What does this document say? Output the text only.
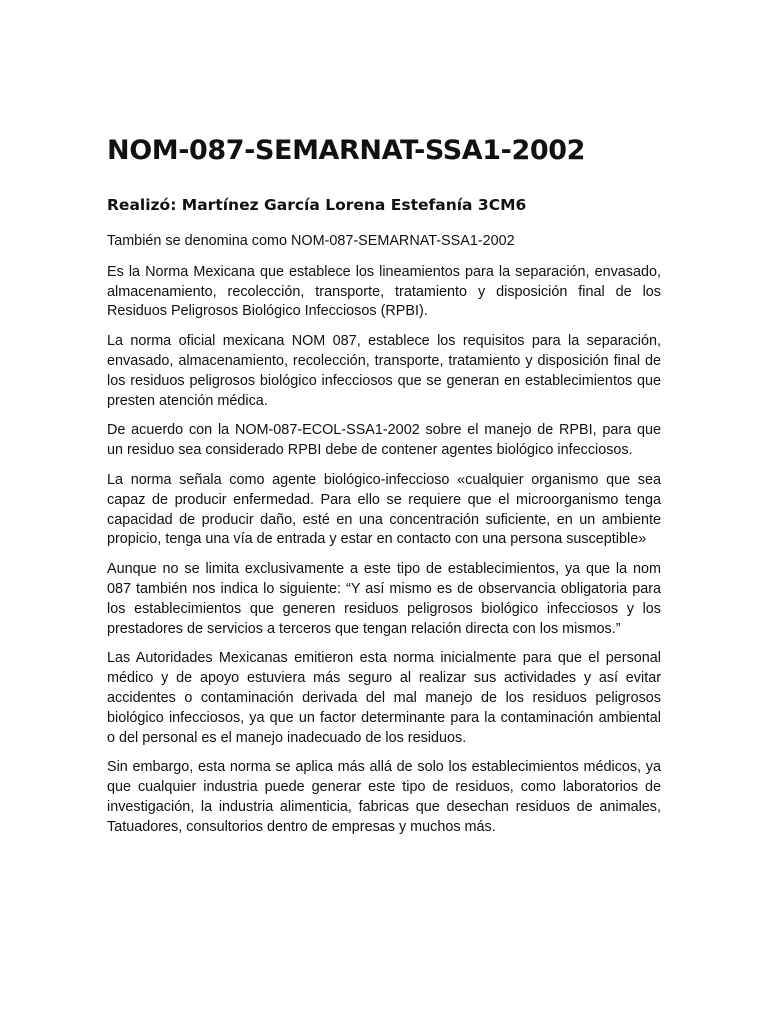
NOM-087-SEMARNAT-SSA1-2002
Realizó: Martínez García Lorena Estefanía 3CM6

También se denomina como NOM-087-SEMARNAT-SSA1-2002

Es la Norma Mexicana que establece los lineamientos para la separación, envasado, almacenamiento, recolección, transporte, tratamiento y disposición final de los Residuos Peligrosos Biológico Infecciosos (RPBI).

La norma oficial mexicana NOM 087, establece los requisitos para la separación, envasado, almacenamiento, recolección, transporte, tratamiento y disposición final de los residuos peligrosos biológico infecciosos que se generan en establecimientos que presten atención médica.

De acuerdo con la NOM-087-ECOL-SSA1-2002 sobre el manejo de RPBI, para que un residuo sea considerado RPBI debe de contener agentes biológico infecciosos.

La norma señala como agente biológico-infeccioso «cualquier organismo que sea capaz de producir enfermedad. Para ello se requiere que el microorganismo tenga capacidad de producir daño, esté en una concentración suficiente, en un ambiente propicio, tenga una vía de entrada y estar en contacto con una persona susceptible»

Aunque no se limita exclusivamente a este tipo de establecimientos, ya que la nom 087 también nos indica lo siguiente: “Y así mismo es de observancia obligatoria para los establecimientos que generen residuos peligrosos biológico infecciosos y los prestadores de servicios a terceros que tengan relación directa con los mismos.”

Las Autoridades Mexicanas emitieron esta norma inicialmente para que el personal médico y de apoyo estuviera más seguro al realizar sus actividades y así evitar accidentes o contaminación derivada del mal manejo de los residuos peligrosos biológico infecciosos, ya que un factor determinante para la contaminación ambiental o del personal es el manejo inadecuado de los residuos.

Sin embargo, esta norma se aplica más allá de solo los establecimientos médicos, ya que cualquier industria puede generar este tipo de residuos, como laboratorios de investigación, la industria alimenticia, fabricas que desechan residuos de animales, Tatuadores, consultorios dentro de empresas y muchos más.
